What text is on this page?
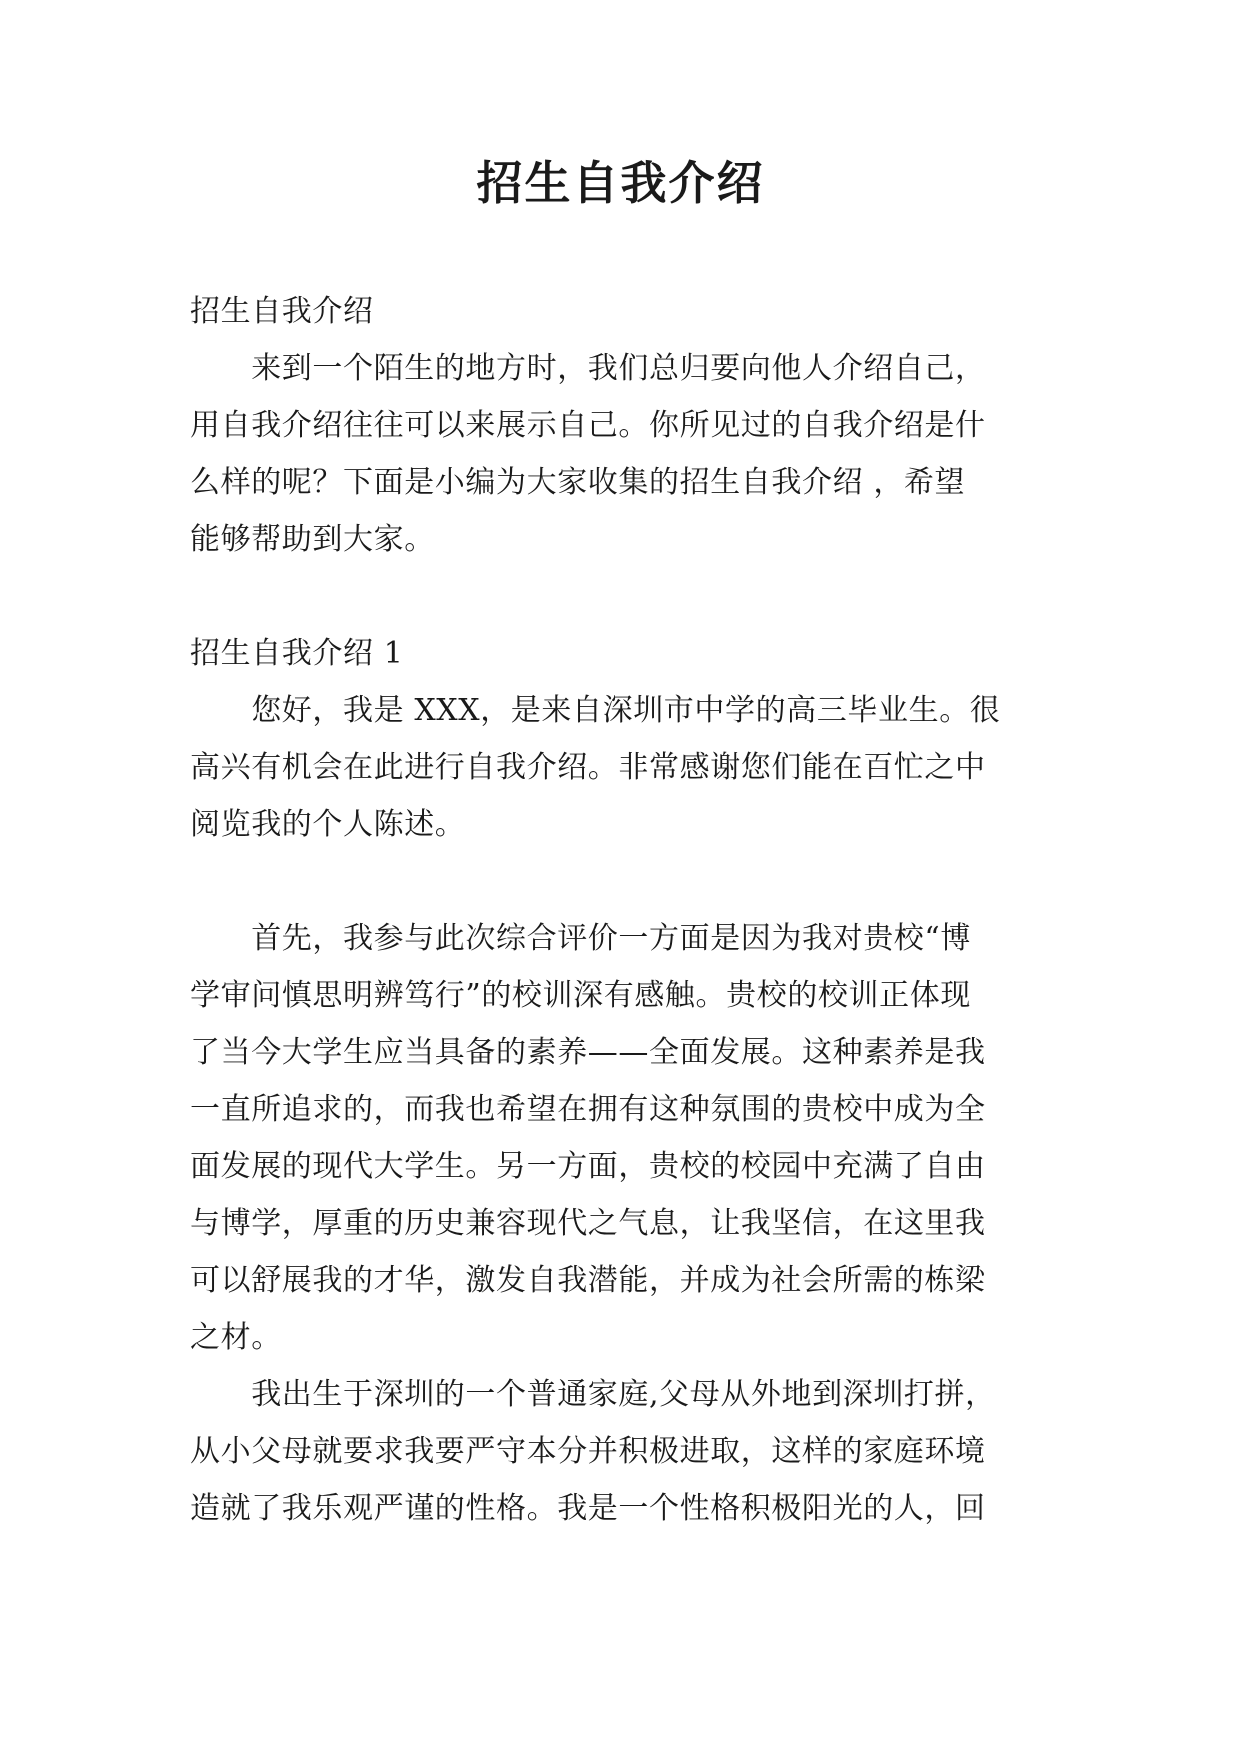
招生自我介绍
招生自我介绍
　　来到一个陌生的地方时，我们总归要向他人介绍自己，
用自我介绍往往可以来展示自己。你所见过的自我介绍是什
么样的呢？下面是小编为大家收集的招生自我介绍 ，希望
能够帮助到大家。
招生自我介绍 1
　　您好，我是 XXX，是来自深圳市中学的高三毕业生。很
高兴有机会在此进行自我介绍。非常感谢您们能在百忙之中
阅览我的个人陈述。
　　首先，我参与此次综合评价一方面是因为我对贵校“博
学审问慎思明辨笃行”的校训深有感触。贵校的校训正体现
了当今大学生应当具备的素养——全面发展。这种素养是我
一直所追求的，而我也希望在拥有这种氛围的贵校中成为全
面发展的现代大学生。另一方面，贵校的校园中充满了自由
与博学，厚重的历史兼容现代之气息，让我坚信，在这里我
可以舒展我的才华，激发自我潜能，并成为社会所需的栋梁
之材。
　　我出生于深圳的一个普通家庭,父母从外地到深圳打拼，
从小父母就要求我要严守本分并积极进取，这样的家庭环境
造就了我乐观严谨的性格。我是一个性格积极阳光的人，回
